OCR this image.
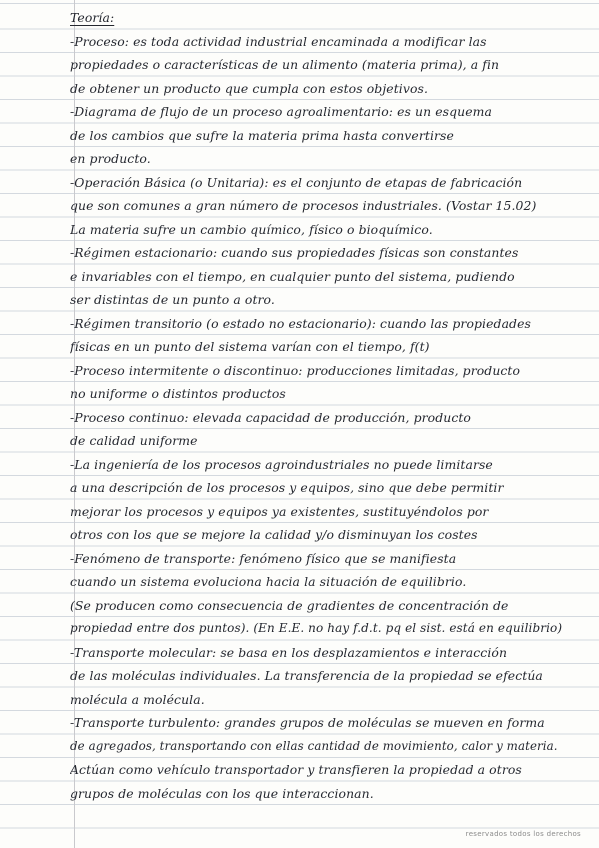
Teoría:
-Proceso: es toda actividad industrial encaminada a modificar las
propiedades o características de un alimento (materia prima), a fin
de obtener un producto que cumpla con estos objetivos.
-Diagrama de flujo de un proceso agroalimentario: es un esquema
de los cambios que sufre la materia prima hasta convertirse
en producto.
-Operación Básica (o Unitaria): es el conjunto de etapas de fabricación
que son comunes a gran número de procesos industriales. (Vostar 15.02)
La materia sufre un cambio químico, físico o bioquímico.
-Régimen estacionario: cuando sus propiedades físicas son constantes
e invariables con el tiempo, en cualquier punto del sistema, pudiendo
ser distintas de un punto a otro.
-Régimen transitorio (o estado no estacionario): cuando las propiedades
físicas en un punto del sistema varían con el tiempo, f(t)
-Proceso intermitente o discontinuo: producciones limitadas, producto
no uniforme o distintos productos
-Proceso continuo: elevada capacidad de producción, producto
de calidad uniforme
-La ingeniería de los procesos agroindustriales no puede limitarse
a una descripción de los procesos y equipos, sino que debe permitir
mejorar los procesos y equipos ya existentes, sustituyéndolos por
otros con los que se mejore la calidad y/o disminuyan los costes
-Fenómeno de transporte: fenómeno físico que se manifiesta
cuando un sistema evoluciona hacia la situación de equilibrio.
(Se producen como consecuencia de gradientes de concentración de
propiedad entre dos puntos). (En E.E. no hay f.d.t. pq el sist. está en equilibrio)
-Transporte molecular: se basa en los desplazamientos e interacción
de las moléculas individuales. La transferencia de la propiedad se efectúa
molécula a molécula.
-Transporte turbulento: grandes grupos de moléculas se mueven en forma
de agregados, transportando con ellas cantidad de movimiento, calor y materia.
Actúan como vehículo transportador y transfieren la propiedad a otros
grupos de moléculas con los que interaccionan.
reservados todos los derechos
